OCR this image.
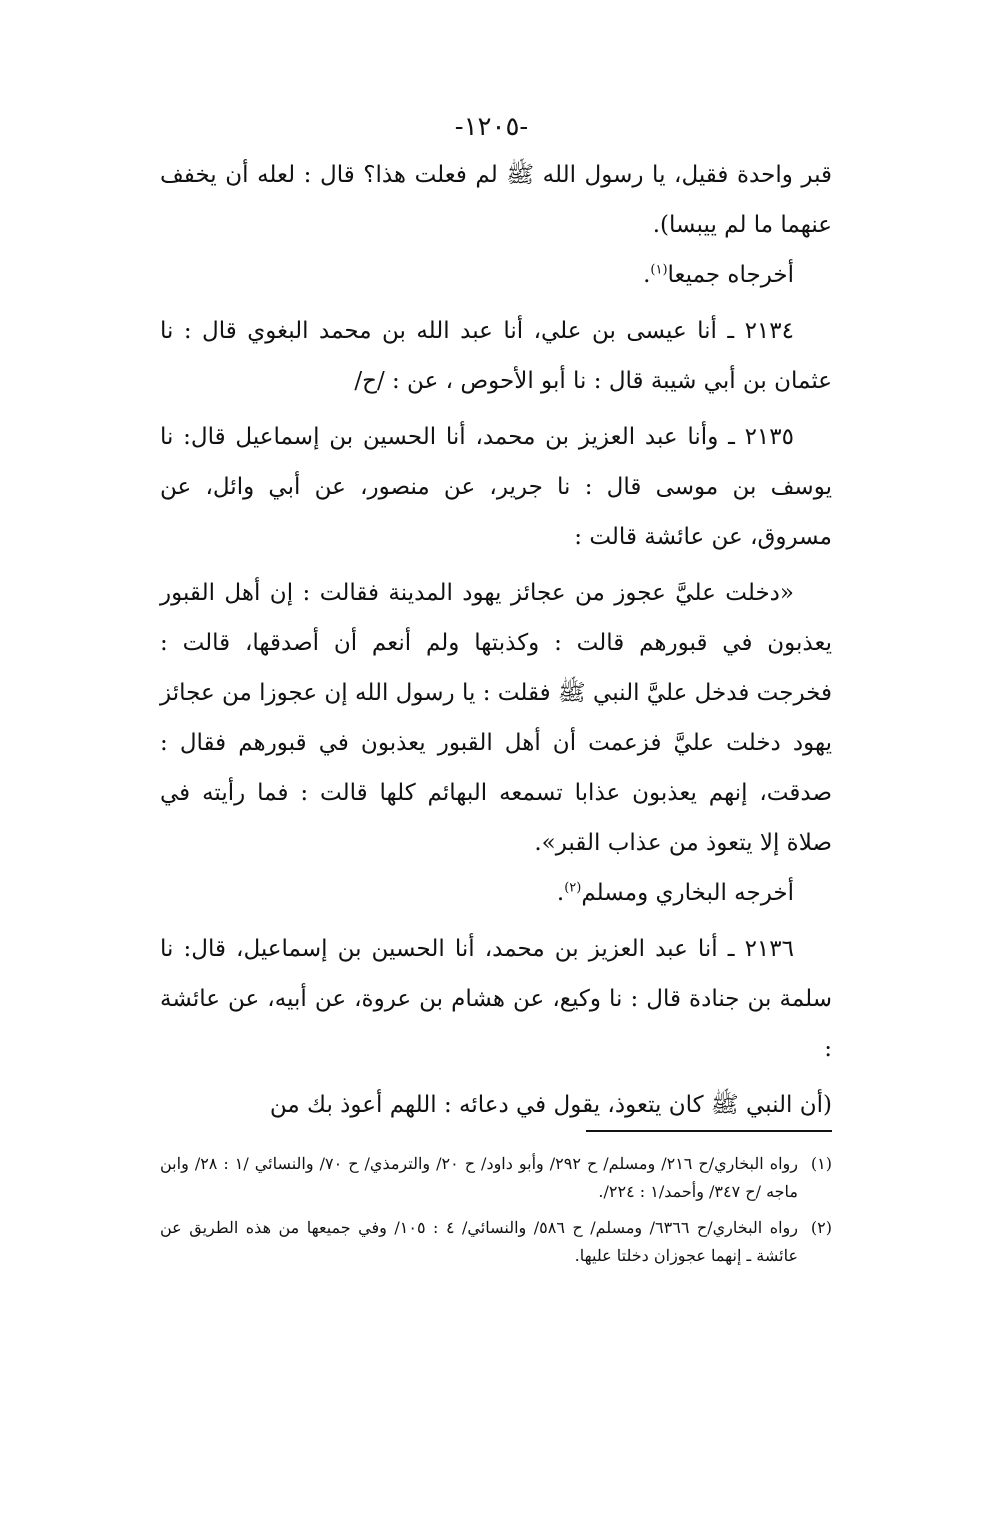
-١٢٠٥-

قبر واحدة فقيل، يا رسول الله ﷺ لم فعلت هذا؟ قال : لعله أن يخفف عنهما ما لم ييبسا).

أخرجاه جميعا$^{(١)}$.

٢١٣٤ ـ أنا عيسى بن علي، أنا عبد الله بن محمد البغوي قال : نا عثمان بن أبي شيبة قال : نا أبو الأحوص ، عن : /ح/

٢١٣٥ ـ وأنا عبد العزيز بن محمد، أنا الحسين بن إسماعيل قال: نا يوسف بن موسى قال : نا جرير، عن منصور، عن أبي وائل، عن مسروق، عن عائشة قالت :

«دخلت عليَّ عجوز من عجائز يهود المدينة فقالت : إن أهل القبور يعذبون في قبورهم قالت : وكذبتها ولم أنعم أن أصدقها، قالت : فخرجت فدخل عليَّ النبي ﷺ فقلت : يا رسول الله إن عجوزا من عجائز يهود دخلت عليَّ فزعمت أن أهل القبور يعذبون في قبورهم فقال : صدقت، إنهم يعذبون عذابا تسمعه البهائم كلها قالت : فما رأيته في صلاة إلا يتعوذ من عذاب القبر».

أخرجه البخاري ومسلم$^{(٢)}$.

٢١٣٦ ـ أنا عبد العزيز بن محمد، أنا الحسين بن إسماعيل، قال: نا سلمة بن جنادة قال : نا وكيع، عن هشام بن عروة، عن أبيه، عن عائشة :

(أن النبي ﷺ كان يتعوذ، يقول في دعائه : اللهم أعوذ بك من

(١)
رواه البخاري/ح ٢١٦/ ومسلم/ ح ٢٩٢/ وأبو داود/ ح ٢٠/ والترمذي/ ح ٧٠/ والنسائي /١ : ٢٨/ وابن ماجه /ح ٣٤٧/ وأحمد/١ : ٢٢٤/.

(٢)
رواه البخاري/ح ٦٣٦٦/ ومسلم/ ح ٥٨٦/ والنسائي/ ٤ : ١٠٥/ وفي جميعها من هذه الطريق عن عائشة ـ إنهما عجوزان دخلتا عليها.
